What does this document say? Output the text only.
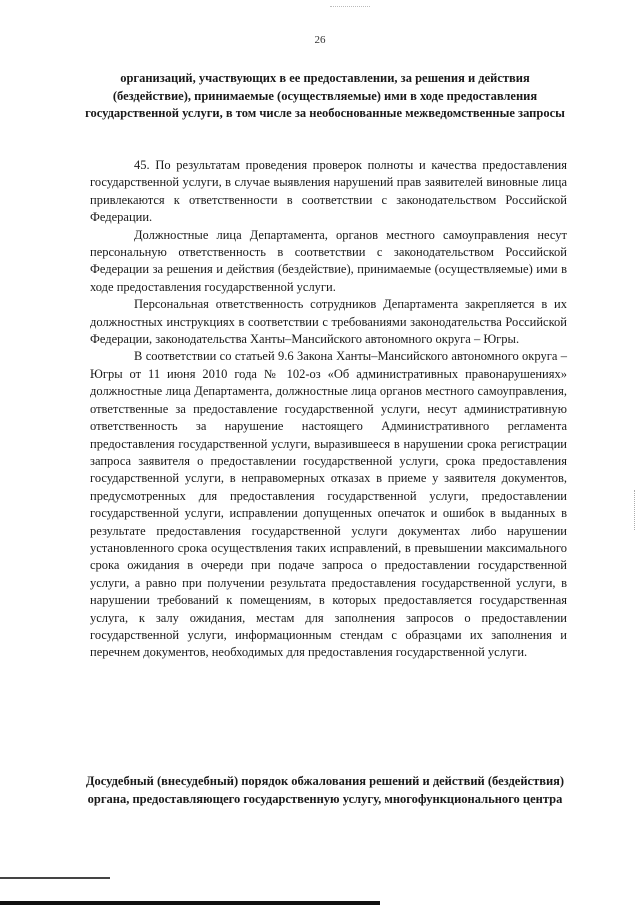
26
организаций, участвующих в ее предоставлении, за решения и действия (бездействие), принимаемые (осуществляемые) ими в ходе предоставления государственной услуги, в том числе за необоснованные межведомственные запросы

45. По результатам проведения проверок полноты и качества предоставления государственной услуги, в случае выявления нарушений прав заявителей виновные лица привлекаются к ответственности в соответствии с законодательством Российской Федерации.

Должностные лица Департамента, органов местного самоуправления несут персональную ответственность в соответствии с законодательством Российской Федерации за решения и действия (бездействие), принимаемые (осуществляемые) ими в ходе предоставления государственной услуги.

Персональная ответственность сотрудников Департамента закрепляется в их должностных инструкциях в соответствии с требованиями законодательства Российской Федерации, законодательства Ханты–Мансийского автономного округа – Югры.

В соответствии со статьей 9.6 Закона Ханты–Мансийского автономного округа – Югры от 11 июня 2010 года № 102-оз «Об административных правонарушениях» должностные лица Департамента, должностные лица органов местного самоуправления, ответственные за предоставление государственной услуги, несут административную ответственность за нарушение настоящего Административного регламента предоставления государственной услуги, выразившееся в нарушении срока регистрации запроса заявителя о предоставлении государственной услуги, срока предоставления государственной услуги, в неправомерных отказах в приеме у заявителя документов, предусмотренных для предоставления государственной услуги, предоставлении государственной услуги, исправлении допущенных опечаток и ошибок в выданных в результате предоставления государственной услуги документах либо нарушении установленного срока осуществления таких исправлений, в превышении максимального срока ожидания в очереди при подаче запроса о предоставлении государственной услуги, а равно при получении результата предоставления государственной услуги, в нарушении требований к помещениям, в которых предоставляется государственная услуга, к залу ожидания, местам для заполнения запросов о предоставлении государственной услуги, информационным стендам с образцами их заполнения и перечнем документов, необходимых для предоставления государственной услуги.

Досудебный (внесудебный) порядок обжалования решений и действий (бездействия) органа, предоставляющего государственную услугу, многофункционального центра
